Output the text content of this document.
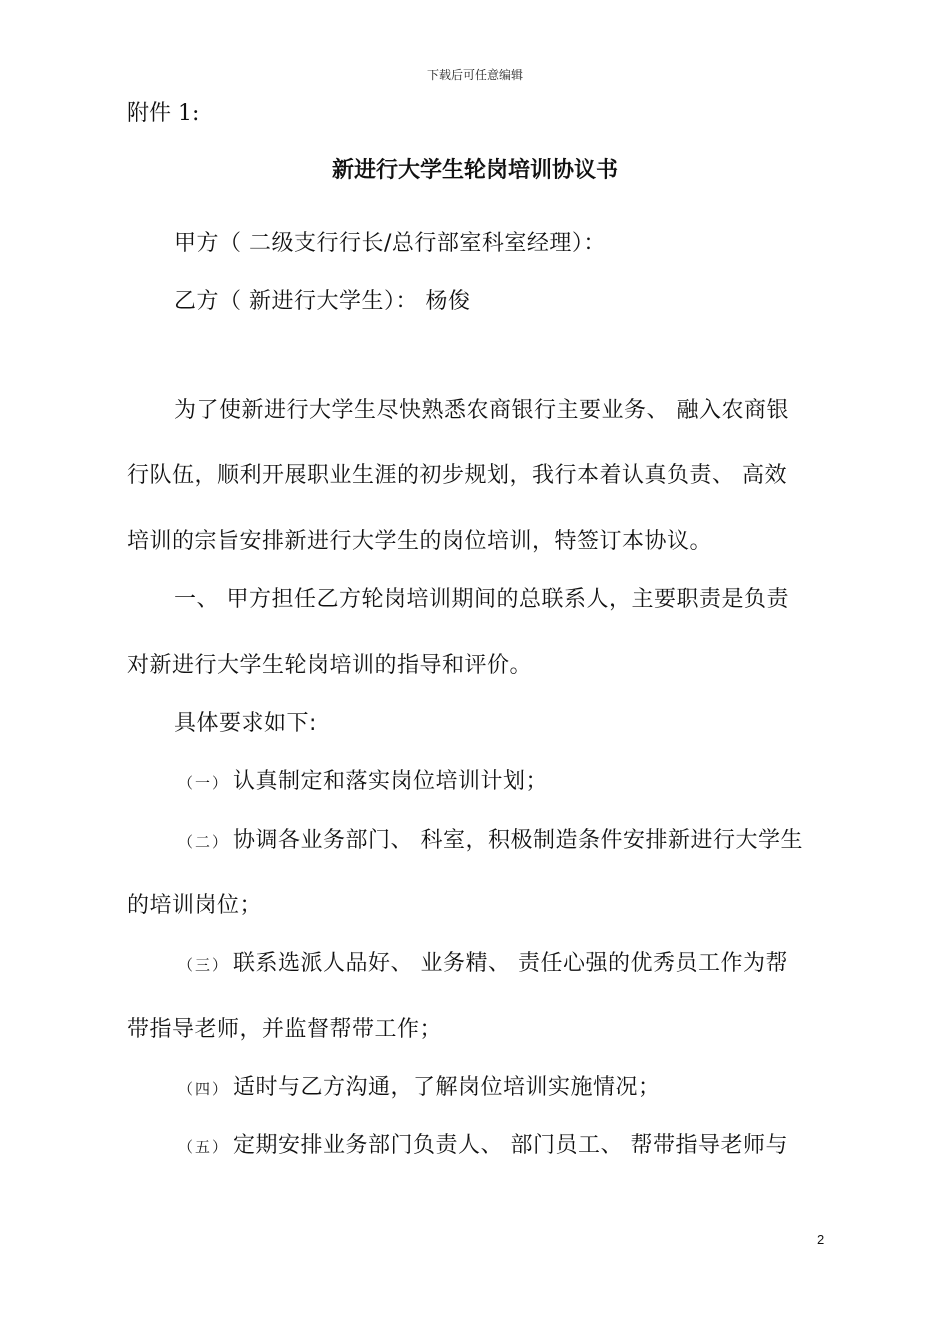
下载后可任意编辑
附件 1:
新进行大学生轮岗培训协议书
甲方（ 二级支行行长/总行部室科室经理）：
乙方（ 新进行大学生）： 杨俊
为了使新进行大学生尽快熟悉农商银行主要业务、 融入农商银
行队伍，顺利开展职业生涯的初步规划，我行本着认真负责、 高效
培训的宗旨安排新进行大学生的岗位培训，特签订本协议。
一、 甲方担任乙方轮岗培训期间的总联系人，主要职责是负责
对新进行大学生轮岗培训的指导和评价。
具体要求如下:
（一） 认真制定和落实岗位培训计划；
（二） 协调各业务部门、 科室，积极制造条件安排新进行大学生
的培训岗位；
（三） 联系选派人品好、 业务精、 责任心强的优秀员工作为帮
带指导老师，并监督帮带工作；
（四） 适时与乙方沟通，了解岗位培训实施情况；
（五） 定期安排业务部门负责人、 部门员工、 帮带指导老师与
2
